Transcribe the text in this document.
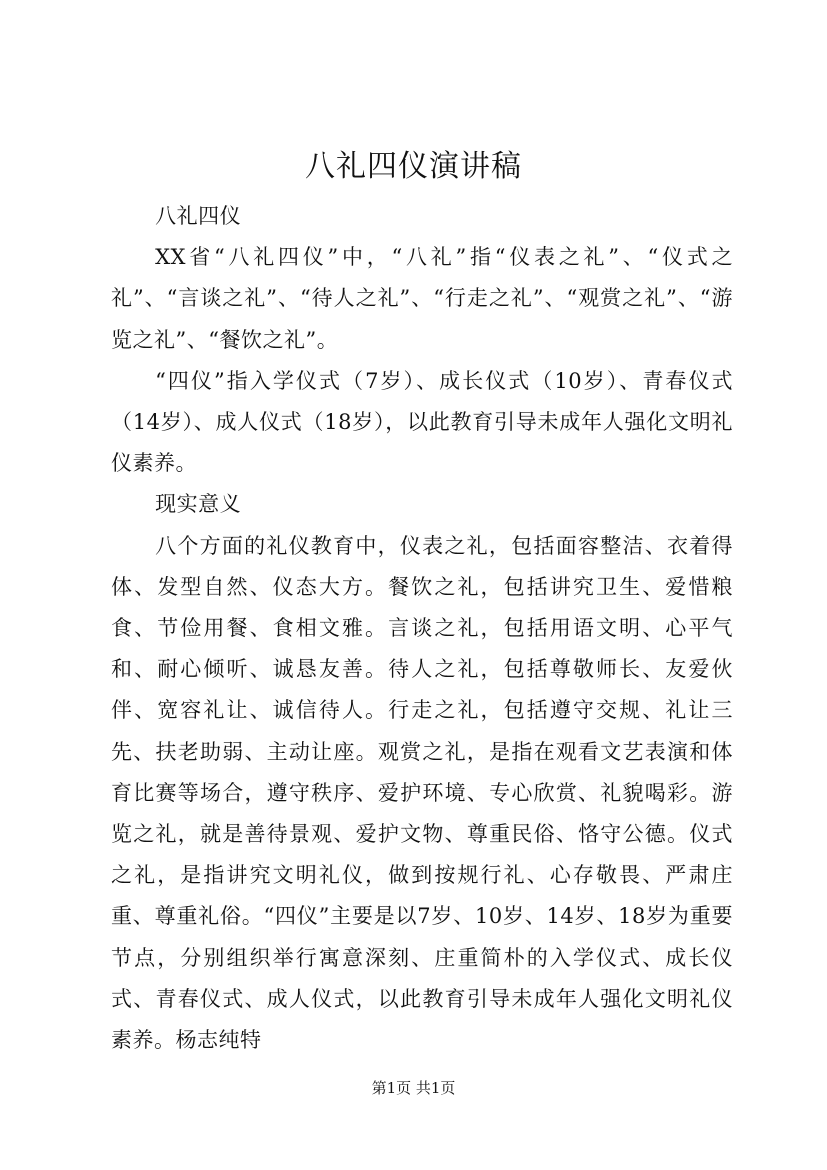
八礼四仪演讲稿

八礼四仪

XX省“八礼四仪”中，“八礼”指“仪表之礼”、“仪式之礼”、“言谈之礼”、“待人之礼”、“行走之礼”、“观赏之礼”、“游览之礼”、“餐饮之礼”。

“四仪”指入学仪式（7岁）、成长仪式（10岁）、青春仪式（14岁）、成人仪式（18岁），以此教育引导未成年人强化文明礼仪素养。

现实意义

八个方面的礼仪教育中，仪表之礼，包括面容整洁、衣着得体、发型自然、仪态大方。餐饮之礼，包括讲究卫生、爱惜粮食、节俭用餐、食相文雅。言谈之礼，包括用语文明、心平气和、耐心倾听、诚恳友善。待人之礼，包括尊敬师长、友爱伙伴、宽容礼让、诚信待人。行走之礼，包括遵守交规、礼让三先、扶老助弱、主动让座。观赏之礼，是指在观看文艺表演和体育比赛等场合，遵守秩序、爱护环境、专心欣赏、礼貌喝彩。游览之礼，就是善待景观、爱护文物、尊重民俗、恪守公德。仪式之礼，是指讲究文明礼仪，做到按规行礼、心存敬畏、严肃庄重、尊重礼俗。“四仪”主要是以7岁、10岁、14岁、18岁为重要节点，分别组织举行寓意深刻、庄重简朴的入学仪式、成长仪式、青春仪式、成人仪式，以此教育引导未成年人强化文明礼仪素养。杨志纯特

第1页 共1页
